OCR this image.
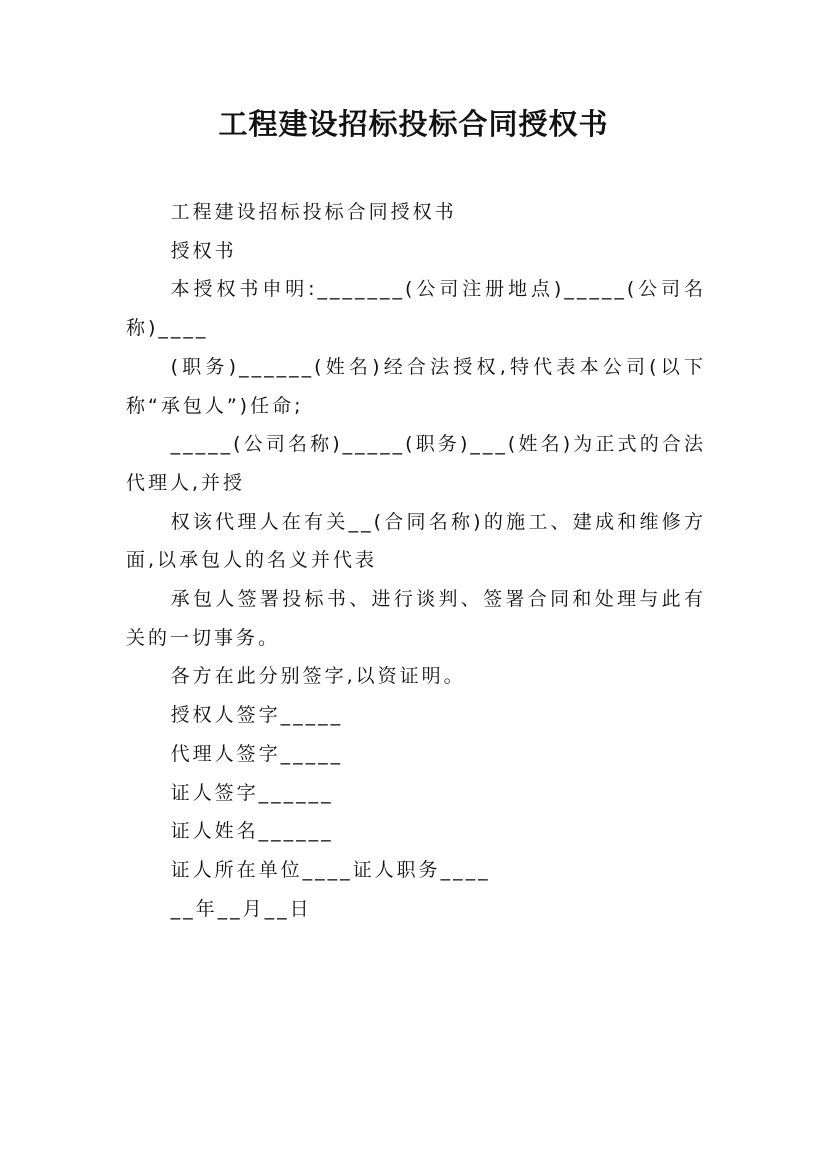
工程建设招标投标合同授权书

工程建设招标投标合同授权书

授权书

本授权书申明:_______(公司注册地点)_____(公司名称)____

(职务)______(姓名)经合法授权,特代表本公司(以下称“承包人”)任命;

_____(公司名称)_____(职务)___(姓名)为正式的合法代理人,并授

权该代理人在有关__(合同名称)的施工、建成和维修方面,以承包人的名义并代表

承包人签署投标书、进行谈判、签署合同和处理与此有关的一切事务。

各方在此分别签字,以资证明。

授权人签字_____

代理人签字_____

证人签字______

证人姓名______

证人所在单位____证人职务____

__年__月__日
